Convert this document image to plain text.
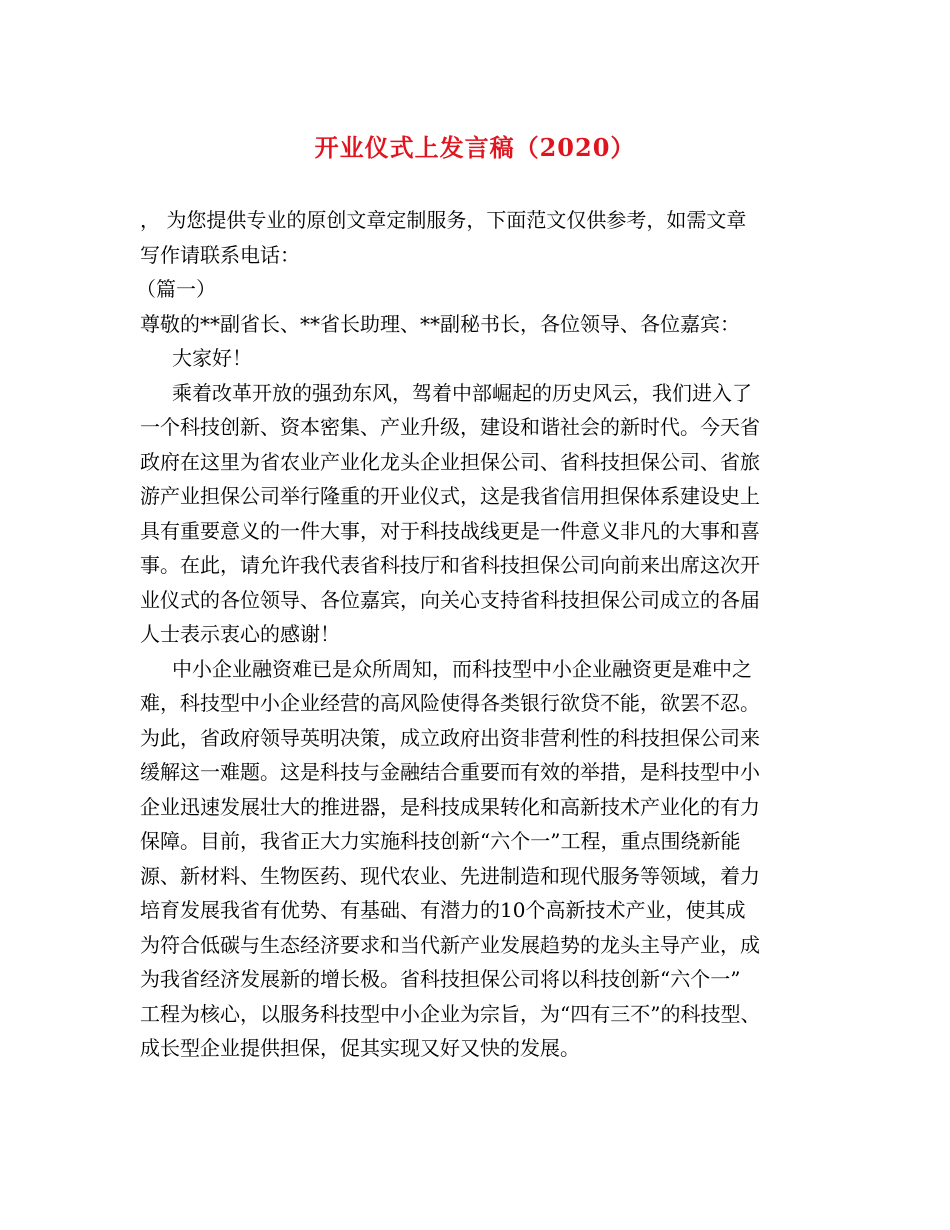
开业仪式上发言稿（2020）
， 为您提供专业的原创文章定制服务，下面范文仅供参考，如需文章
写作请联系电话：
（篇一）
尊敬的**副省长、**省长助理、**副秘书长，各位领导、各位嘉宾：
大家好！
乘着改革开放的强劲东风，驾着中部崛起的历史风云，我们进入了
一个科技创新、资本密集、产业升级，建设和谐社会的新时代。今天省
政府在这里为省农业产业化龙头企业担保公司、省科技担保公司、省旅
游产业担保公司举行隆重的开业仪式，这是我省信用担保体系建设史上
具有重要意义的一件大事，对于科技战线更是一件意义非凡的大事和喜
事。在此，请允许我代表省科技厅和省科技担保公司向前来出席这次开
业仪式的各位领导、各位嘉宾，向关心支持省科技担保公司成立的各届
人士表示衷心的感谢！
中小企业融资难已是众所周知，而科技型中小企业融资更是难中之
难，科技型中小企业经营的高风险使得各类银行欲贷不能，欲罢不忍。
为此，省政府领导英明决策，成立政府出资非营利性的科技担保公司来
缓解这一难题。这是科技与金融结合重要而有效的举措，是科技型中小
企业迅速发展壮大的推进器，是科技成果转化和高新技术产业化的有力
保障。目前，我省正大力实施科技创新“六个一”工程，重点围绕新能
源、新材料、生物医药、现代农业、先进制造和现代服务等领域，着力
培育发展我省有优势、有基础、有潜力的10个高新技术产业，使其成
为符合低碳与生态经济要求和当代新产业发展趋势的龙头主导产业，成
为我省经济发展新的增长极。省科技担保公司将以科技创新“六个一”
工程为核心，以服务科技型中小企业为宗旨，为“四有三不”的科技型、
成长型企业提供担保，促其实现又好又快的发展。
